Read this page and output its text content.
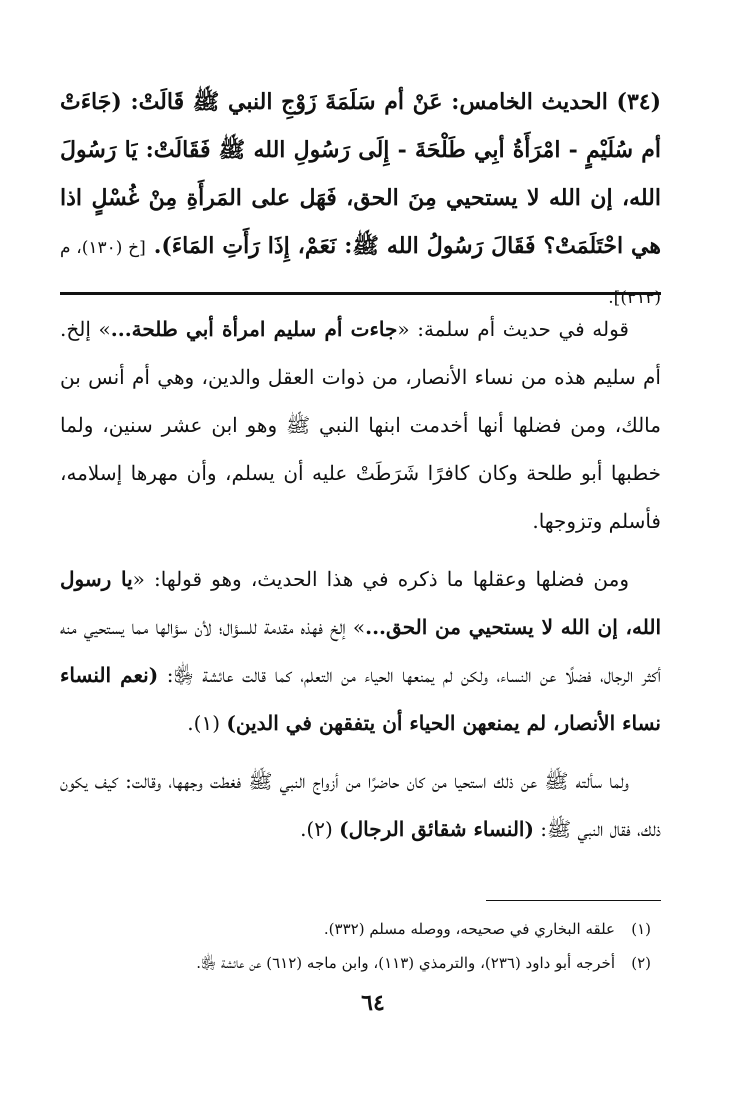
(٣٤) الحديث الخامس: عَنْ أم سَلَمَةَ زَوْجِ النبي ﷺ قَالَتْ: (جَاءَتْ أم سُلَيْمٍ - امْرَأَةُ أبِي طَلْحَةَ - إِلَى رَسُولِ الله ﷺ فَقَالَتْ: يَا رَسُولَ الله، إن الله لا يستحيي مِنَ الحق، فَهَل على المَرأَةِ مِنْ غُسْلٍ اذا هي احْتَلَمَتْ؟ فَقَالَ رَسُولُ الله ﷺ: نَعَمْ، إِذَا رَأَتِ المَاءَ). [خ (١٣٠)، م (٣١٣)].

قوله في حديث أم سلمة: «جاءت أم سليم امرأة أبي طلحة...» إلخ. أم سليم هذه من نساء الأنصار، من ذوات العقل والدين، وهي أم أنس بن مالك، ومن فضلها أنها أخدمت ابنها النبي ﷺ وهو ابن عشر سنين، ولما خطبها أبو طلحة وكان كافرًا شَرَطَتْ عليه أن يسلم، وأن مهرها إسلامه، فأسلم وتزوجها.

ومن فضلها وعقلها ما ذكره في هذا الحديث، وهو قولها: «يا رسول الله، إن الله لا يستحيي من الحق...» إلخ فهذه مقدمة للسؤال؛ لأن سؤالها مما يستحيي منه أكثر الرجال، فضلًا عن النساء، ولكن لم يمنعها الحياء من التعلم، كما قالت عائشة ﵂: (نعم النساء نساء الأنصار، لم يمنعهن الحياء أن يتفقهن في الدين) (١).

ولما سألته ﷺ عن ذلك استحيا من كان حاضرًا من أزواج النبي ﷺ فغطت وجهها، وقالت: كيف يكون ذلك، فقال النبي ﷺ: (النساء شقائق الرجال) (٢).

(١)علقه البخاري في صحيحه، ووصله مسلم (٣٣٢).
(٢)أخرجه أبو داود (٢٣٦)، والترمذي (١١٣)، وابن ماجه (٦١٢) عن عائشة ﵂.
٦٤
